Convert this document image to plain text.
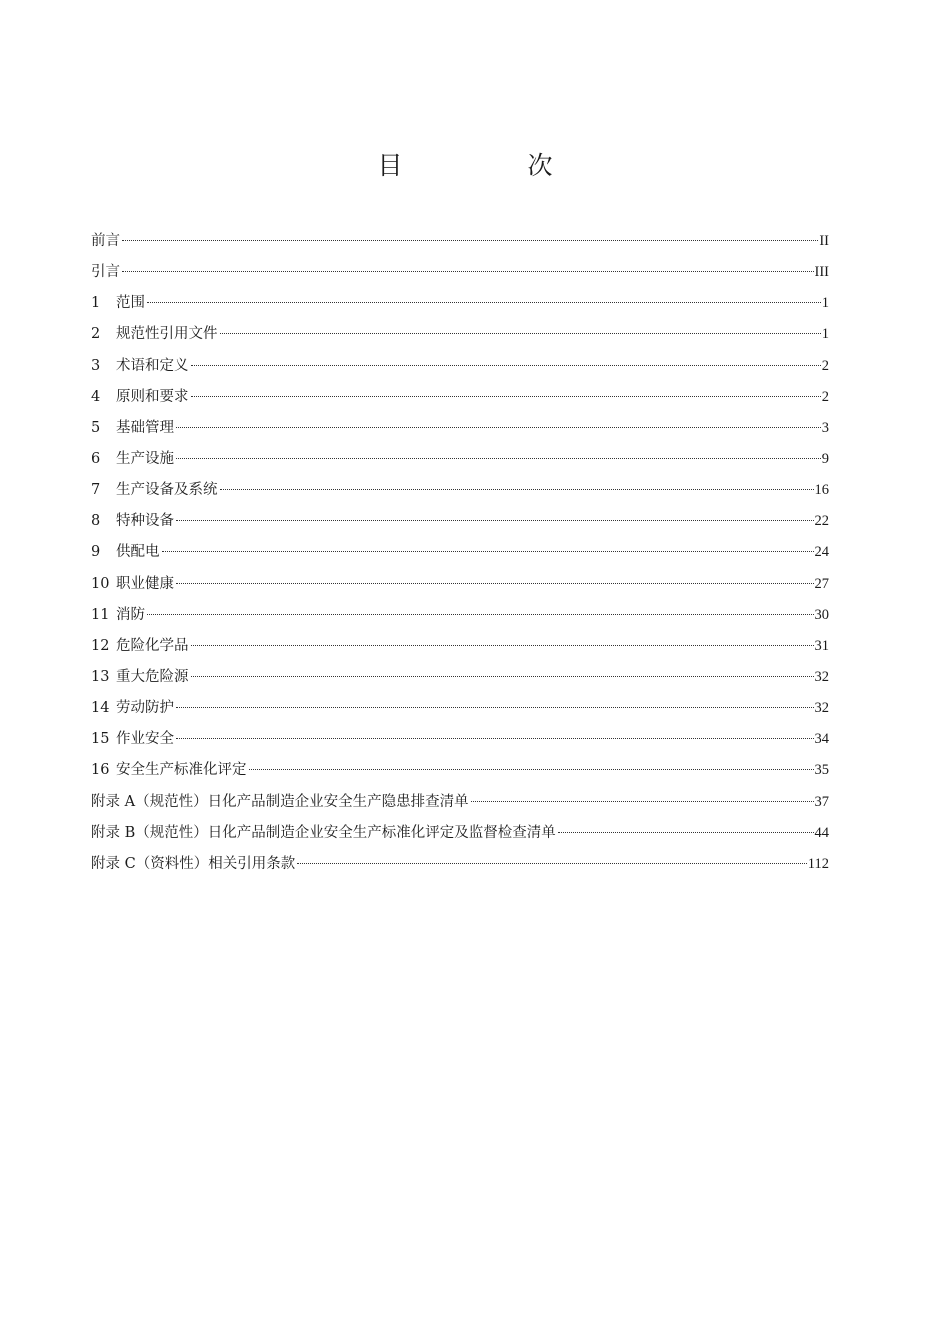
目　次
前言	II
引言	III
1	范围	1
2	规范性引用文件	1
3	术语和定义	2
4	原则和要求	2
5	基础管理	3
6	生产设施	9
7	生产设备及系统	16
8	特种设备	22
9	供配电	24
10 职业健康	27
11 消防	30
12 危险化学品	31
13 重大危险源	32
14 劳动防护	32
15 作业安全	34
16 安全生产标准化评定	35
附录 A（规范性）日化产品制造企业安全生产隐患排查清单	37
附录 B（规范性）日化产品制造企业安全生产标准化评定及监督检查清单	44
附录 C（资料性）相关引用条款	112
